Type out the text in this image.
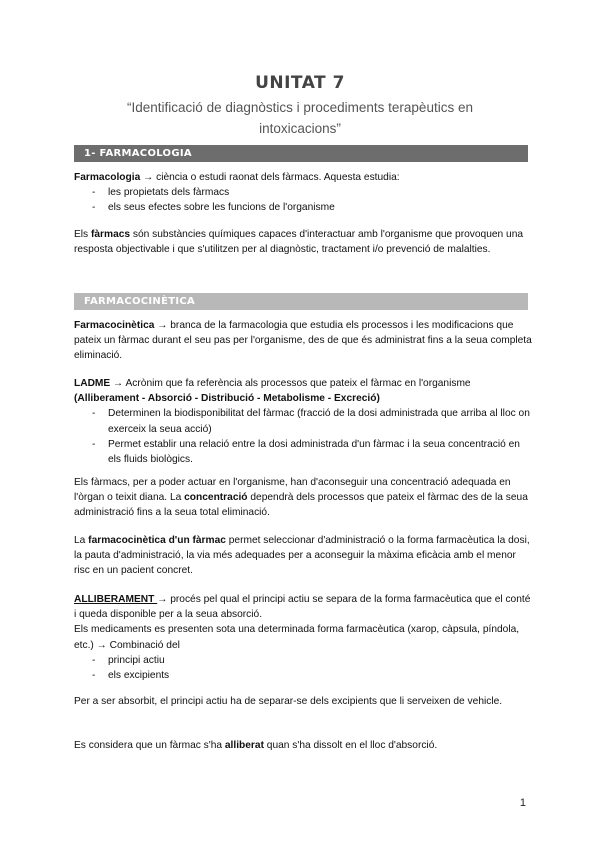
UNITAT 7
“Identificació de diagnòstics i procediments terapèutics en intoxicacions”
1- FARMACOLOGIA
Farmacologia → ciència o estudi raonat dels fàrmacs. Aquesta estudia:
- les propietats dels fàrmacs
- els seus efectes sobre les funcions de l'organisme
Els fàrmacs són substàncies químiques capaces d'interactuar amb l'organisme que provoquen una resposta objectivable i que s'utilitzen per al diagnòstic, tractament i/o prevenció de malalties.
FARMACOCINÈTICA
Farmacocinètica → branca de la farmacologia que estudia els processos i les modificacions que pateix un fàrmac durant el seu pas per l'organisme, des de que és administrat fins a la seua completa eliminació.
LADME → Acrònim que fa referència als processos que pateix el fàrmac en l'organisme
(Alliberament - Absorció - Distribució - Metabolisme - Excreció)
- Determinen la biodisponibilitat del fàrmac (fracció de la dosi administrada que arriba al lloc on exerceix la seua acció)
- Permet establir una relació entre la dosi administrada d'un fàrmac i la seua concentració en els fluids biològics.
Els fàrmacs, per a poder actuar en l'organisme, han d'aconseguir una concentració adequada en l'òrgan o teixit diana. La concentració dependrà dels processos que pateix el fàrmac des de la seua administració fins a la seua total eliminació.
La farmacocinètica d'un fàrmac permet seleccionar d'administració o la forma farmacèutica la dosi, la pauta d'administració, la via més adequades per a aconseguir la màxima eficàcia amb el menor risc en un pacient concret.
ALLIBERAMENT → procés pel qual el principi actiu se separa de la forma farmacèutica que el conté i queda disponible per a la seua absorció.
Els medicaments es presenten sota una determinada forma farmacèutica (xarop, càpsula, píndola, etc.) → Combinació del
- principi actiu
- els excipients
Per a ser absorbit, el principi actiu ha de separar-se dels excipients que li serveixen de vehicle.
Es considera que un fàrmac s'ha alliberat quan s'ha dissolt en el lloc d'absorció.
1
